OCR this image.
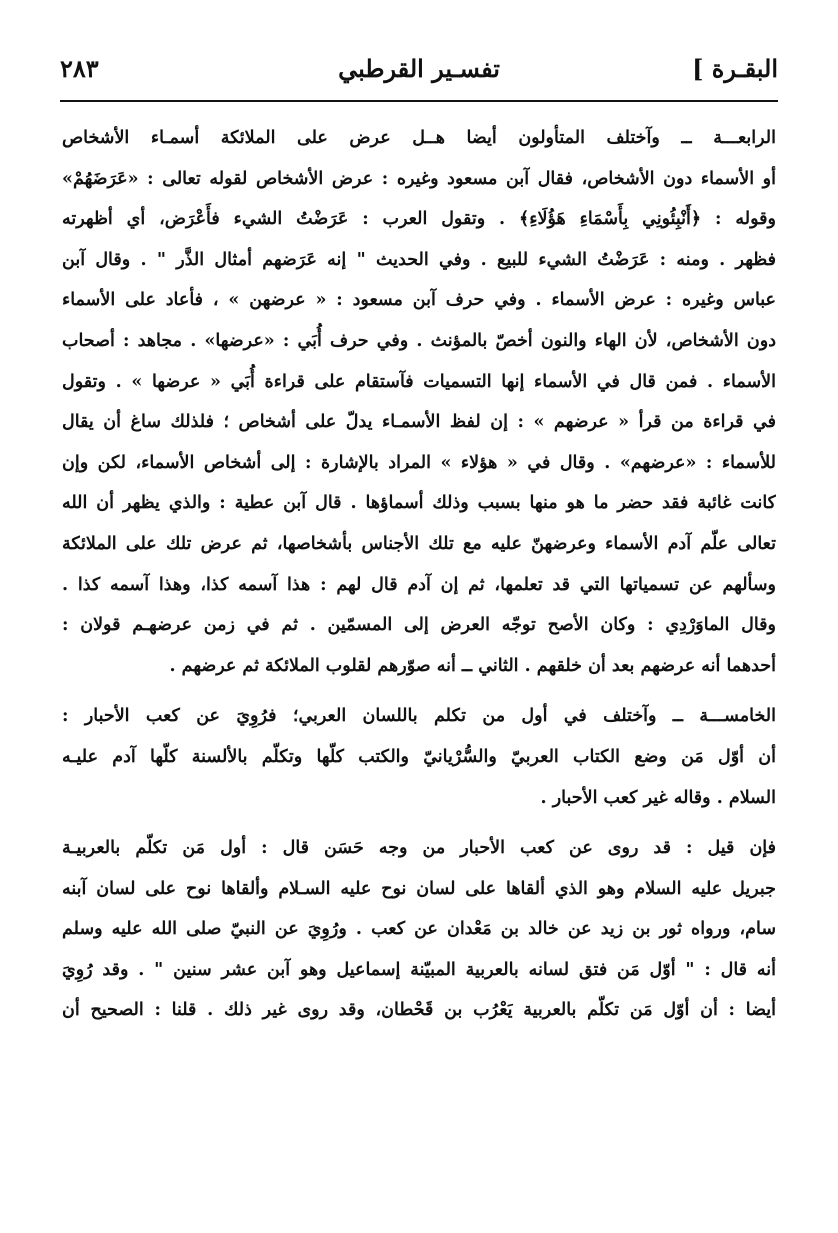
البقـرة ]
تفسـير القرطبي
٢٨٣
الرابعـــة ــ وآختلف المتأولون أيضا هــل عرض على الملائكة أسمـاء الأشخاص
أو الأسماء دون الأشخاص، فقال آبن مسعود وغيره : عرض الأشخاص لقوله تعالى : «عَرَضَهُمْ»
وقوله : ﴿أَنْبِئُونِي بِأَسْمَاءِ هَؤُلَاءِ﴾ . وتقول العرب : عَرَضْتُ الشيء فأَعْرَض، أي أظهرته
فظهر . ومنه : عَرَضْتُ الشيء للبيع . وفي الحديث " إنه عَرَضهم أمثال الذَّر " . وقال آبن
عباس وغيره : عرض الأسماء . وفي حرف آبن مسعود : « عرضهن » ، فأعاد على الأسماء
دون الأشخاص، لأن الهاء والنون أخصّ بالمؤنث . وفي حرف أُبَي : «عرضها» . مجاهد : أصحاب
الأسماء . فمن قال في الأسماء إنها التسميات فآستقام على قراءة أُبَي « عرضها » . وتقول
في قراءة من قرأ « عرضهم » : إن لفظ الأسمـاء يدلّ على أشخاص ؛ فلذلك ساغ أن يقال
للأسماء : «عرضهم» . وقال في « هؤلاء » المراد بالإشارة : إلى أشخاص الأسماء، لكن وإن
كانت غائبة فقد حضر ما هو منها بسبب وذلك أسماؤها . قال آبن عطية : والذي يظهر أن الله
تعالى علّم آدم الأسماء وعرضهنّ عليه مع تلك الأجناس بأشخاصها، ثم عرض تلك على الملائكة
وسألهم عن تسمياتها التي قد تعلمها، ثم إن آدم قال لهم : هذا آسمه كذا، وهذا آسمه كذا .
وقال الماوَرْدِي : وكان الأصح توجّه العرض إلى المسمّين . ثم في زمن عرضهـم قولان :
أحدهما أنه عرضهم بعد أن خلقهم . الثاني ــ أنه صوّرهم لقلوب الملائكة ثم عرضهم .
الخامســـة ــ وآختلف في أول من تكلم باللسان العربي؛ فرُوِيَ عن كعب الأحبار :
أن أوّل مَن وضع الكتاب العربيّ والسُّرْيانيّ والكتب كلّها وتكلّم بالألسنة كلّها آدم عليـه
السلام . وقاله غير كعب الأحبار .
فإن قيل : قد روى عن كعب الأحبار من وجه حَسَن قال : أول مَن تكلّم بالعربيـة
جبريل عليه السلام وهو الذي ألقاها على لسان نوح عليه السـلام وألقاها نوح على لسان آبنه
سام، ورواه ثور بن زيد عن خالد بن مَعْدان عن كعب . ورُوِيَ عن النبيّ صلى الله عليه وسلم
أنه قال : " أوّل مَن فتق لسانه بالعربية المبيّنة إسماعيل وهو آبن عشر سنين " . وقد رُوِيَ
أيضا : أن أوّل مَن تكلّم بالعربية يَعْرُب بن قَحْطان، وقد روى غير ذلك . قلنا : الصحيح أن
